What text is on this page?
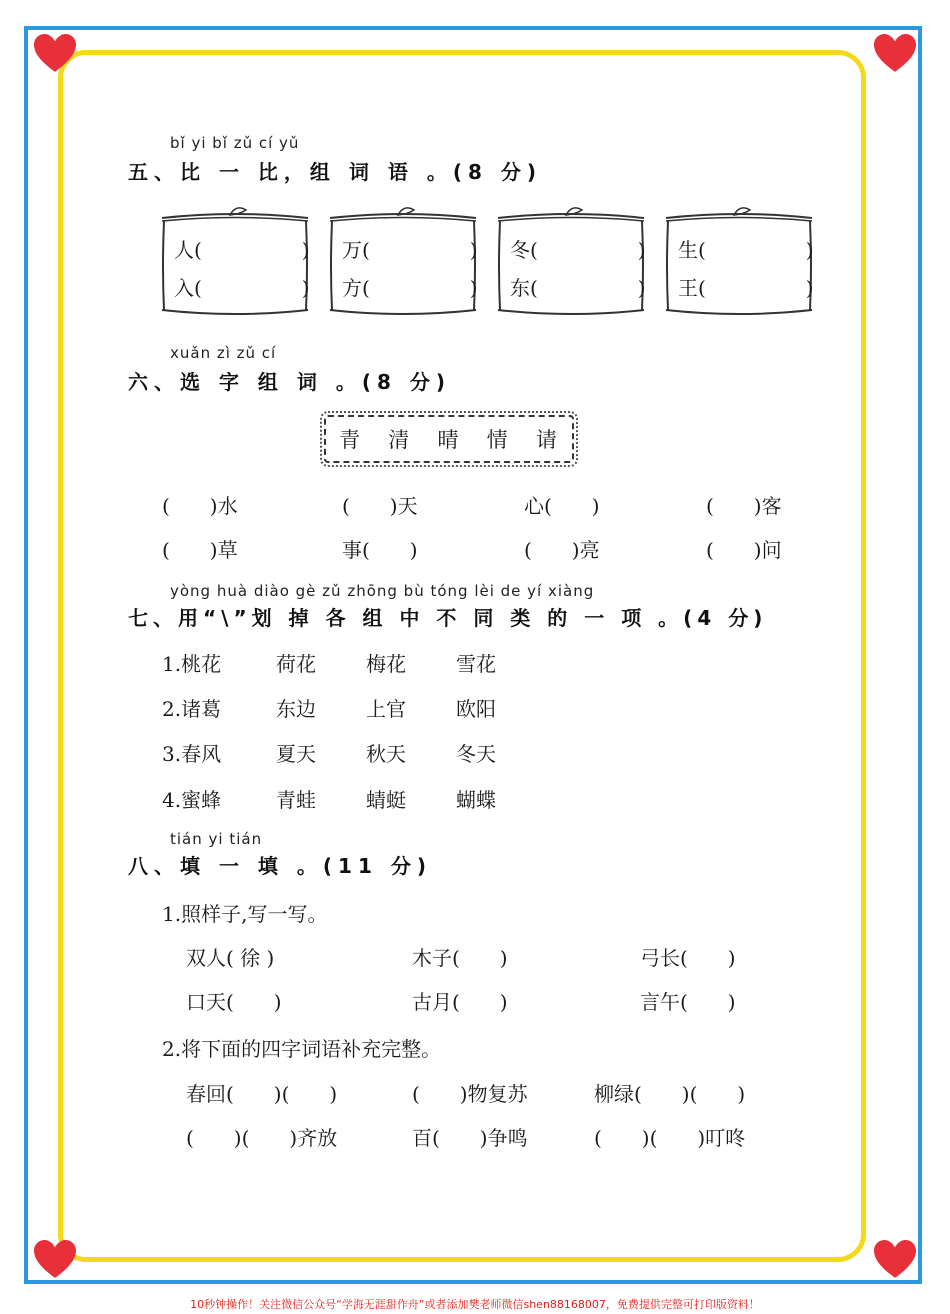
bǐ yi bǐ zǔ cí yǔ
五、比 一 比，组 词 语 。(8 分)
人(　　　　　)
入(　　　　　)
万(　　　　　)
方(　　　　　)
冬(　　　　　)
东(　　　　　)
生(　　　　　)
王(　　　　　)
xuǎn zì zǔ cí
六、选 字 组 词 。(8 分)
青 清 晴 情 请
(　　)水	(　　)天	心(　　)	(　　)客
(　　)草	事(　　)	(　　)亮	(　　)问
yòng huà diào gè zǔ zhōng bù tóng lèi de yí xiàng
七、用“\”划 掉 各 组 中 不 同 类 的 一 项 。(4 分)
1.桃花	荷花	梅花	雪花
2.诸葛	东边	上官	欧阳
3.春风	夏天	秋天	冬天
4.蜜蜂	青蛙	蜻蜓	蝴蝶
tián yi tián
八、填 一 填 。(11 分)
1.照样子,写一写。
双人( 徐 )	木子(　　)	弓长(　　)
口天(　　)	古月(　　)	言午(　　)
2.将下面的四字词语补充完整。
春回(　　)(　　)	(　　)物复苏	柳绿(　　)(　　)
(　　)(　　)齐放	百(　　)争鸣	(　　)(　　)叮咚
10秒钟操作！关注微信公众号“学海无涯甜作舟”或者添加樊老师微信shen88168007，免费提供完整可打印版资料！
